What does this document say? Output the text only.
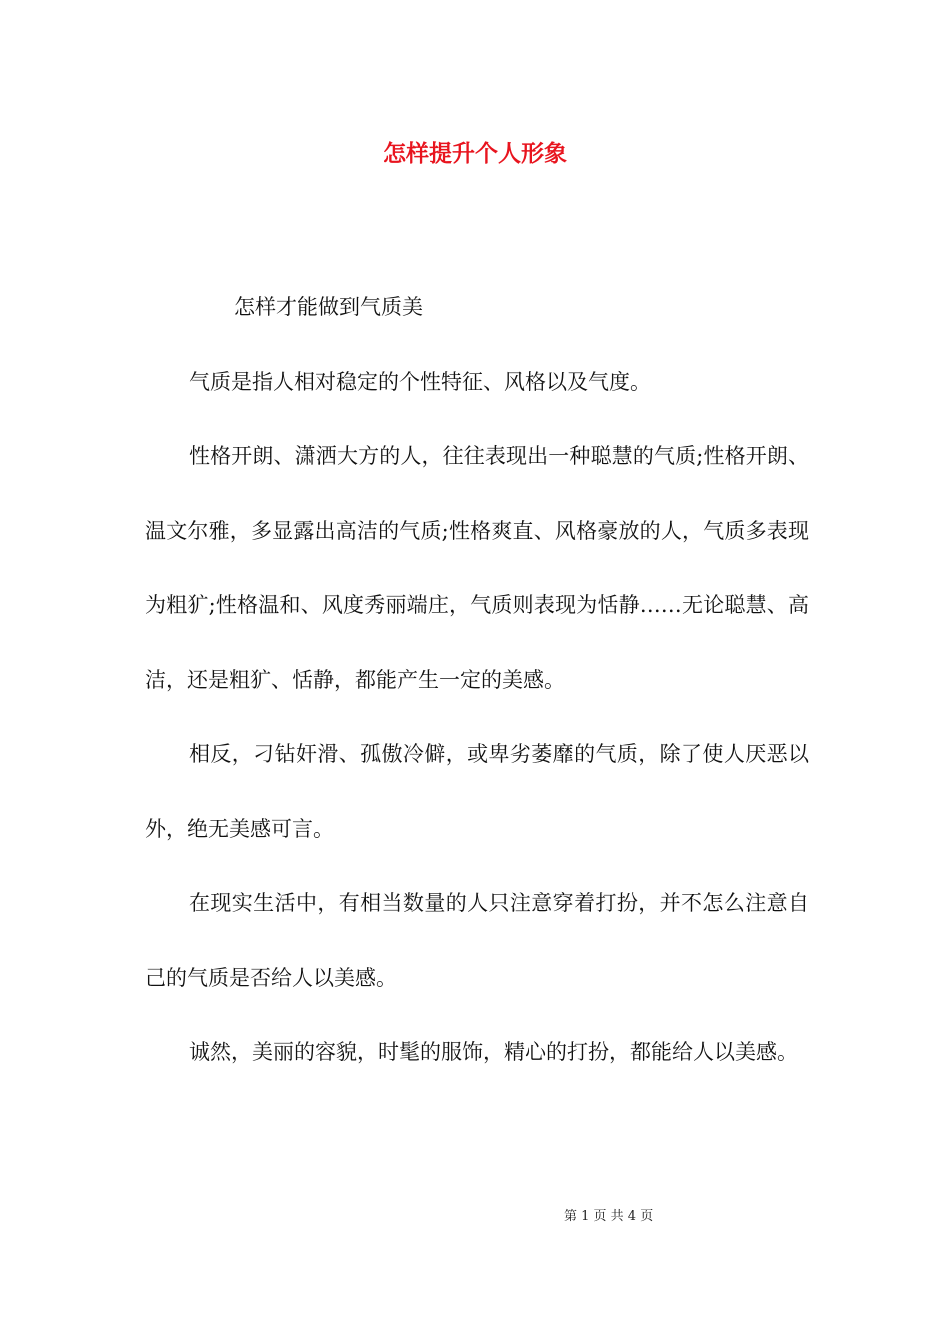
怎样提升个人形象

怎样才能做到气质美

气质是指人相对稳定的个性特征、风格以及气度。

性格开朗、潇洒大方的人，往往表现出一种聪慧的气质;性格开朗、温文尔雅，多显露出高洁的气质;性格爽直、风格豪放的人，气质多表现为粗犷;性格温和、风度秀丽端庄，气质则表现为恬静……无论聪慧、高洁，还是粗犷、恬静，都能产生一定的美感。

相反，刁钻奸滑、孤傲冷僻，或卑劣萎靡的气质，除了使人厌恶以外，绝无美感可言。

在现实生活中，有相当数量的人只注意穿着打扮，并不怎么注意自己的气质是否给人以美感。

诚然，美丽的容貌，时髦的服饰，精心的打扮，都能给人以美感。

第 1 页 共 4 页
